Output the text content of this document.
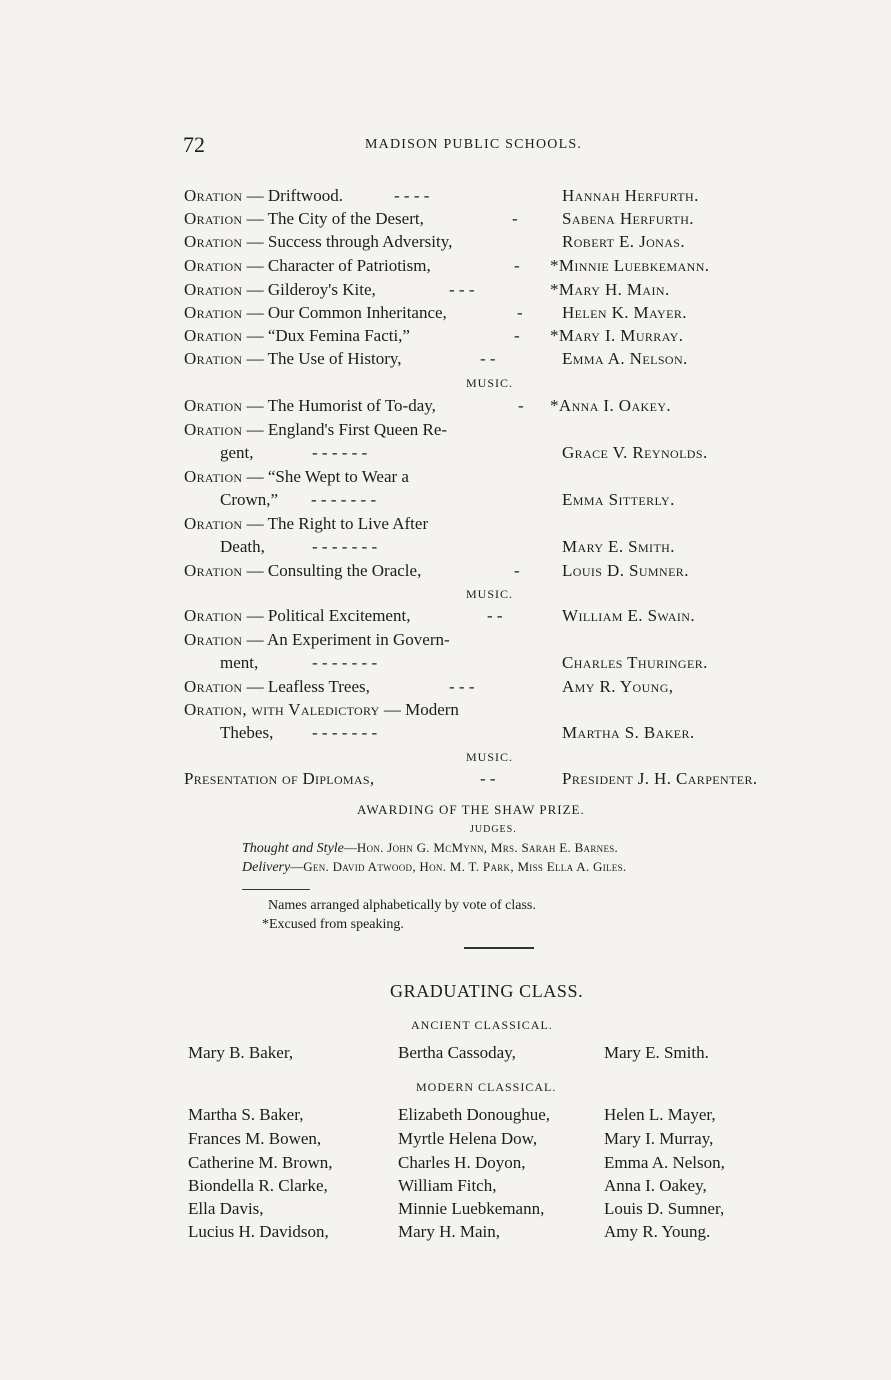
72	MADISON PUBLIC SCHOOLS.
Oration — Driftwood.	- - - -	Hannah Herfurth.
Oration — The City of the Desert,	-	Sabena Herfurth.
Oration — Success through Adversity,	Robert E. Jonas.
Oration — Character of Patriotism,	- *Minnie Luebkemann.
Oration — Gilderoy's Kite,	- - -	*Mary H. Main.
Oration — Our Common Inheritance,	- Helen K. Mayer.
Oration — “Dux Femina Facti,”	- *Mary I. Murray.
Oration — The Use of History,	- -	Emma A. Nelson.
MUSIC.
Oration — The Humorist of To-day,	- *Anna I. Oakey.
Oration — England's First Queen Re-
gent,	- - - - - -	Grace V. Reynolds.
Oration — “She Wept to Wear a
Crown,” - - - - - - -	Emma Sitterly.
Oration — The Right to Live After
Death,	- - - - - - -	Mary E. Smith.
Oration — Consulting the Oracle,	- Louis D. Sumner.
MUSIC.
Oration — Political Excitement,	- -	William E. Swain.
Oration — An Experiment in Govern-
ment,	- - - - - - -	Charles Thuringer.
Oration — Leafless Trees,	- - -	Amy R. Young,
Oration, with Valedictory — Modern
Thebes, - - - - - - -	Martha S. Baker.
MUSIC.
Presentation of Diplomas,	- -	President J. H. Carpenter.
AWARDING OF THE SHAW PRIZE.
JUDGES.
Thought and Style—Hon. John G. McMynn, Mrs. Sarah E. Barnes.
Delivery—Gen. David Atwood, Hon. M. T. Park, Miss Ella A. Giles.
Names arranged alphabetically by vote of class.
*Excused from speaking.
GRADUATING CLASS.
ANCIENT CLASSICAL.
Mary B. Baker,	Bertha Cassoday,	Mary E. Smith.
MODERN CLASSICAL.
Martha S. Baker,	Elizabeth Donoughue,	Helen L. Mayer,
Frances M. Bowen,	Myrtle Helena Dow,	Mary I. Murray,
Catherine M. Brown,	Charles H. Doyon,	Emma A. Nelson,
Biondella R. Clarke,	William Fitch,	Anna I. Oakey,
Ella Davis,	Minnie Luebkemann,	Louis D. Sumner,
Lucius H. Davidson,	Mary H. Main,	Amy R. Young.
